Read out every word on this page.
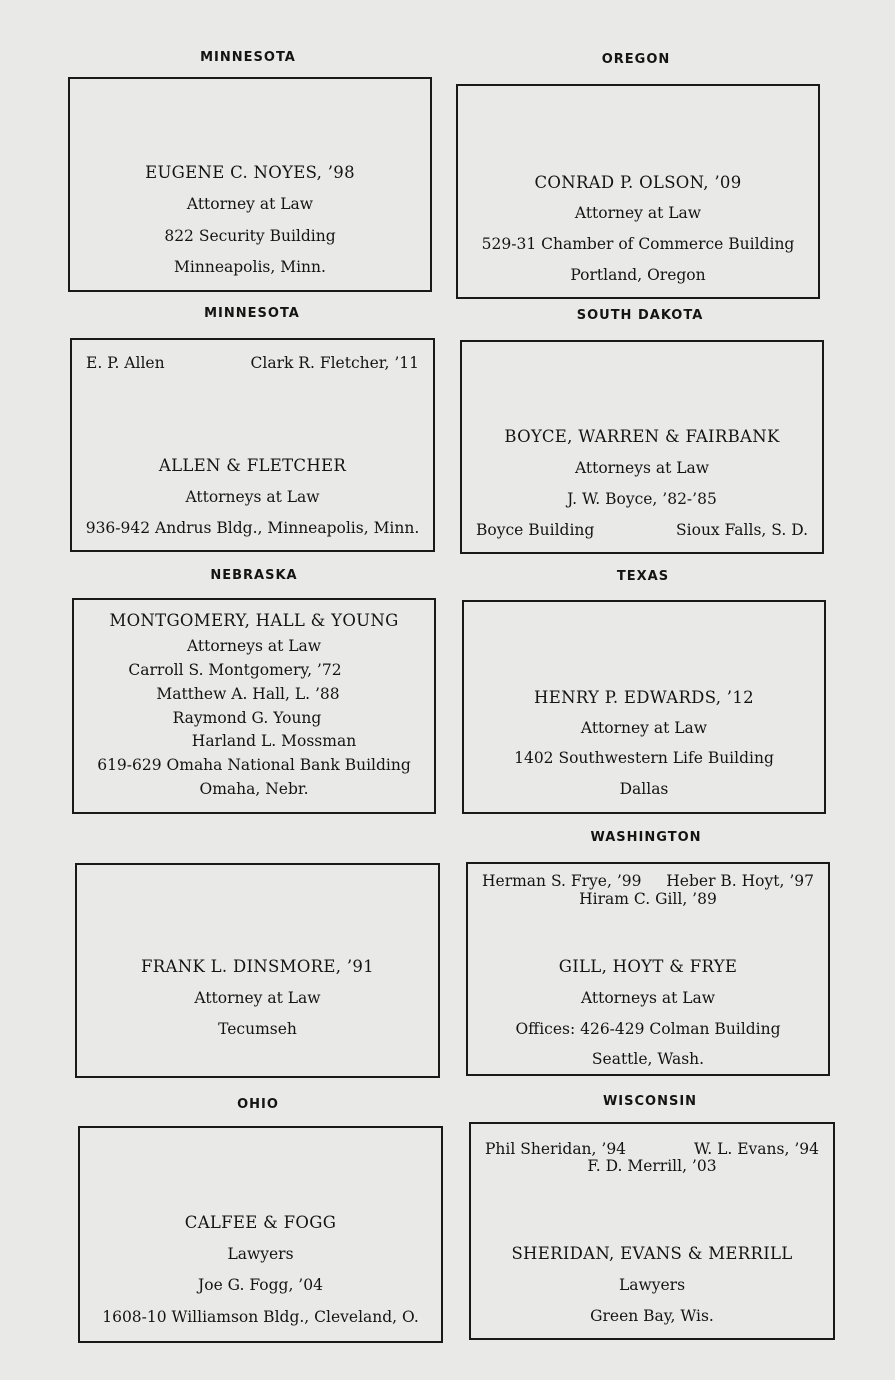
MINNESOTA	OREGON
EUGENE C. NOYES, ’98
Attorney at Law
822 Security Building
Minneapolis, Minn.
CONRAD P. OLSON, ’09
Attorney at Law
529-31 Chamber of Commerce Building
Portland, Oregon
MINNESOTA	SOUTH DAKOTA
E. P. Allen	Clark R. Fletcher, ’11
ALLEN & FLETCHER
Attorneys at Law
936-942 Andrus Bldg., Minneapolis, Minn.
BOYCE, WARREN & FAIRBANK
Attorneys at Law
J. W. Boyce, ’82-’85
Boyce Building	Sioux Falls, S. D.
NEBRASKA	TEXAS
MONTGOMERY, HALL & YOUNG
Attorneys at Law
Carroll S. Montgomery, ’72
Matthew A. Hall, L. ’88
Raymond G. Young
Harland L. Mossman
619-629 Omaha National Bank Building
Omaha, Nebr.
HENRY P. EDWARDS, ’12
Attorney at Law
1402 Southwestern Life Building
Dallas
WASHINGTON
FRANK L. DINSMORE, ’91
Attorney at Law
Tecumseh
Herman S. Frye, ’99 Heber B. Hoyt, ’97
Hiram C. Gill, ’89
GILL, HOYT & FRYE
Attorneys at Law
Offices: 426-429 Colman Building
Seattle, Wash.
OHIO	WISCONSIN
CALFEE & FOGG
Lawyers
Joe G. Fogg, ’04
1608-10 Williamson Bldg., Cleveland, O.
Phil Sheridan, ’94	W. L. Evans, ’94
F. D. Merrill, ’03
SHERIDAN, EVANS & MERRILL
Lawyers
Green Bay, Wis.
